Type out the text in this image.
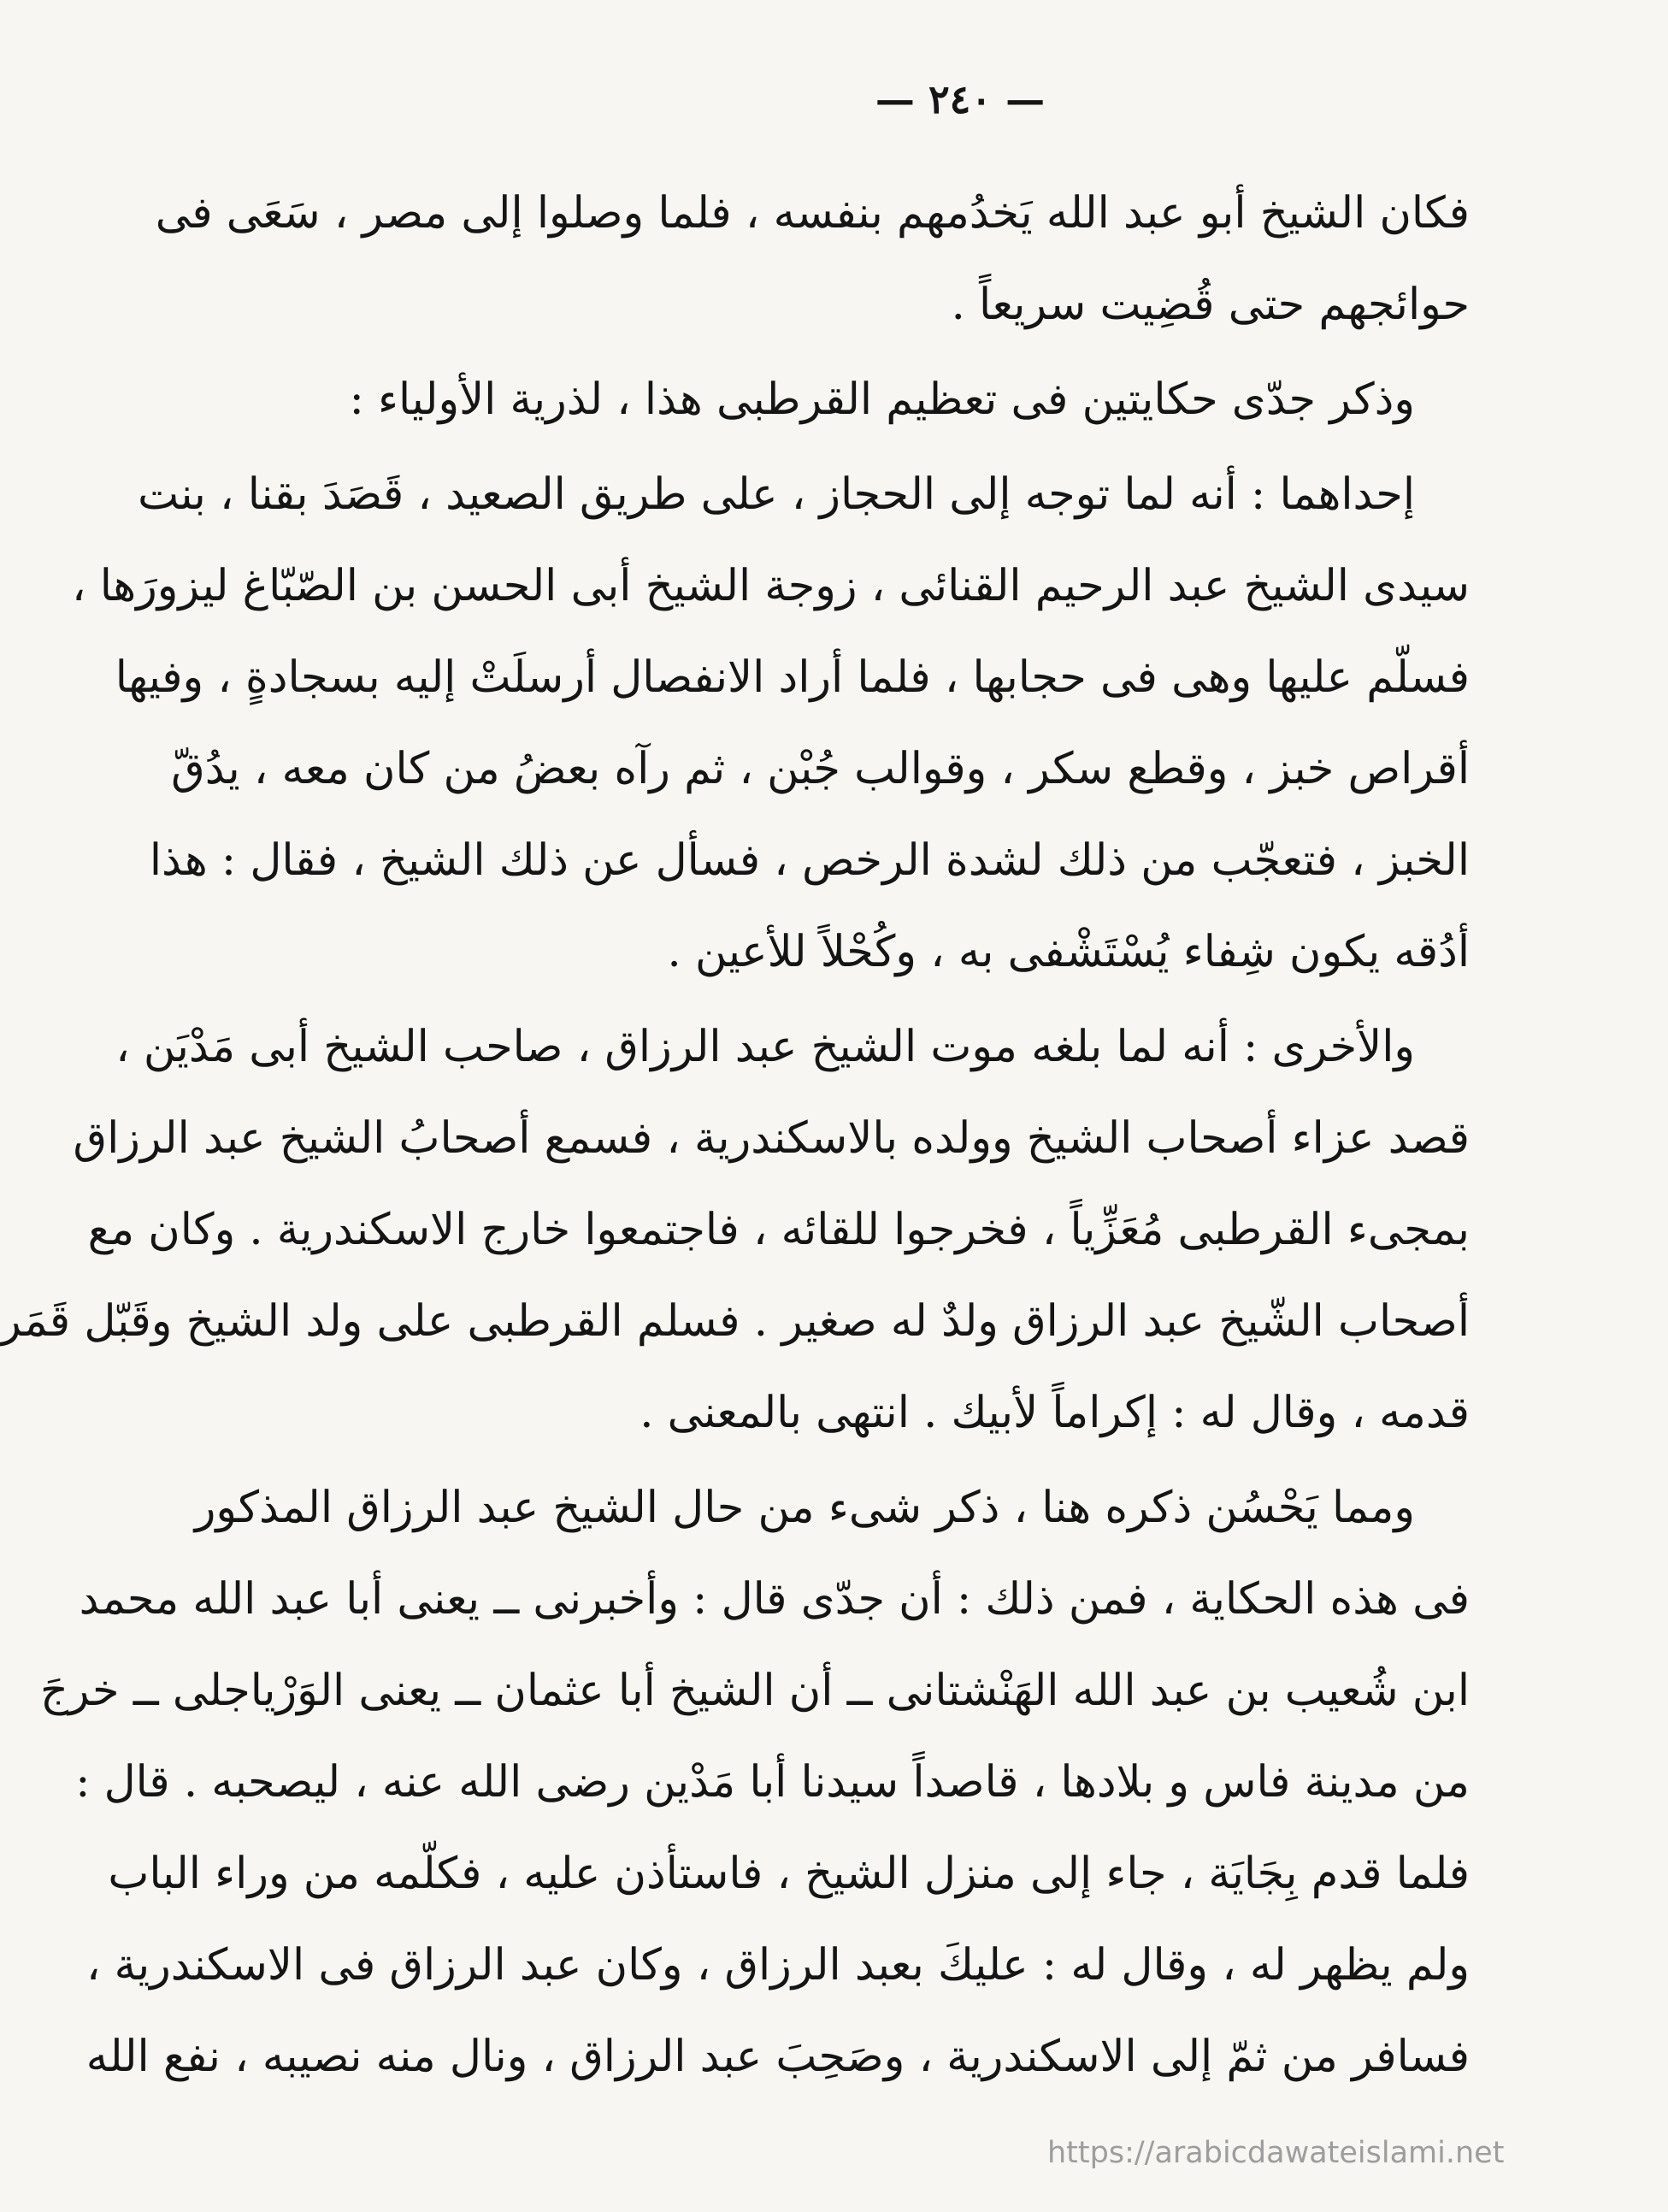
— ٢٤٠ —
فكان الشيخ أبو عبد الله يَخدُمهم بنفسه ، فلما وصلوا إلى مصر ، سَعَى فى
حوائجهم حتى قُضِيت سريعاً .
وذكر جدّى حكايتين فى تعظيم القرطبى هذا ، لذرية الأولياء :
إحداهما : أنه لما توجه إلى الحجاز ، على طريق الصعيد ، قَصَدَ بقنا ، بنت
سيدى الشيخ عبد الرحيم القنائى ، زوجة الشيخ أبى الحسن بن الصّبّاغ ليزورَها ،
فسلّم عليها وهى فى حجابها ، فلما أراد الانفصال أرسلَتْ إليه بسجادةٍ ، وفيها
أقراص خبز ، وقطع سكر ، وقوالب جُبْن ، ثم رآه بعضُ من كان معه ، يدُقّ
الخبز ، فتعجّب من ذلك لشدة الرخص ، فسأل عن ذلك الشيخ ، فقال : هذا
أدُقه يكون شِفاء يُسْتَشْفى به ، وكُحْلاً للأعين .
والأخرى : أنه لما بلغه موت الشيخ عبد الرزاق ، صاحب الشيخ أبى مَدْيَن ،
قصد عزاء أصحاب الشيخ وولده بالاسكندرية ، فسمع أصحابُ الشيخ عبد الرزاق
بمجىء القرطبى مُعَزِّياً ، فخرجوا للقائه ، فاجتمعوا خارج الاسكندرية . وكان مع
أصحاب الشّيخ عبد الرزاق ولدٌ له صغير . فسلم القرطبى على ولد الشيخ وقَبّل قَمَر
قدمه ، وقال له : إكراماً لأبيك . انتهى بالمعنى .
ومما يَحْسُن ذكره هنا ، ذكر شىء من حال الشيخ عبد الرزاق المذكور
فى هذه الحكاية ، فمن ذلك : أن جدّى قال : وأخبرنى ــ يعنى أبا عبد الله محمد
ابن شُعيب بن عبد الله الهَنْشتانى ــ أن الشيخ أبا عثمان ــ يعنى الوَرْياجلى ــ خرجَ
من مدينة فاس و بلادها ، قاصداً سيدنا أبا مَدْين رضى الله عنه ، ليصحبه . قال :
فلما قدم بِجَايَة ، جاء إلى منزل الشيخ ، فاستأذن عليه ، فكلّمه من وراء الباب
ولم يظهر له ، وقال له : عليكَ بعبد الرزاق ، وكان عبد الرزاق فى الاسكندرية ،
فسافر من ثمّ إلى الاسكندرية ، وصَحِبَ عبد الرزاق ، ونال منه نصيبه ، نفع الله
https://arabicdawateislami.net
